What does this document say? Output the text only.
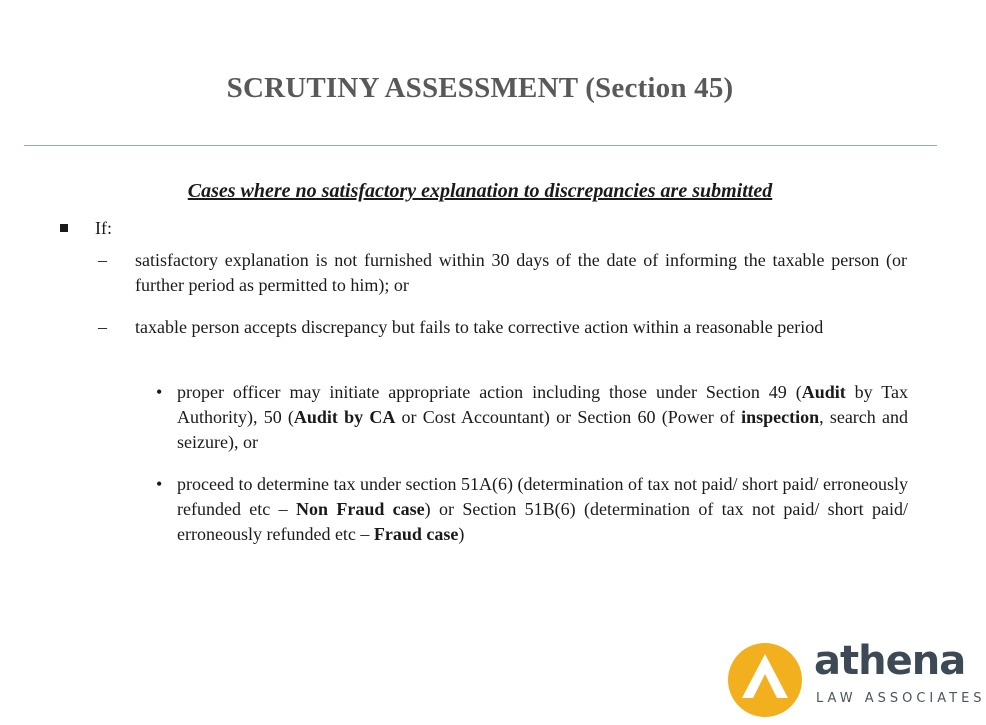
SCRUTINY ASSESSMENT (Section 45)
Cases where no satisfactory explanation to discrepancies are submitted
If:
– satisfactory explanation is not furnished within 30 days of the date of informing the taxable person (or further period as permitted to him); or
– taxable person accepts discrepancy but fails to take corrective action within a reasonable period
• proper officer may initiate appropriate action including those under Section 49 (Audit by Tax Authority), 50 (Audit by CA or Cost Accountant) or Section 60 (Power of inspection, search and seizure), or
• proceed to determine tax under section 51A(6) (determination of tax not paid/ short paid/ erroneously refunded etc – Non Fraud case) or Section 51B(6) (determination of tax not paid/ short paid/ erroneously refunded etc – Fraud case)
athena
LAW ASSOCIATES
